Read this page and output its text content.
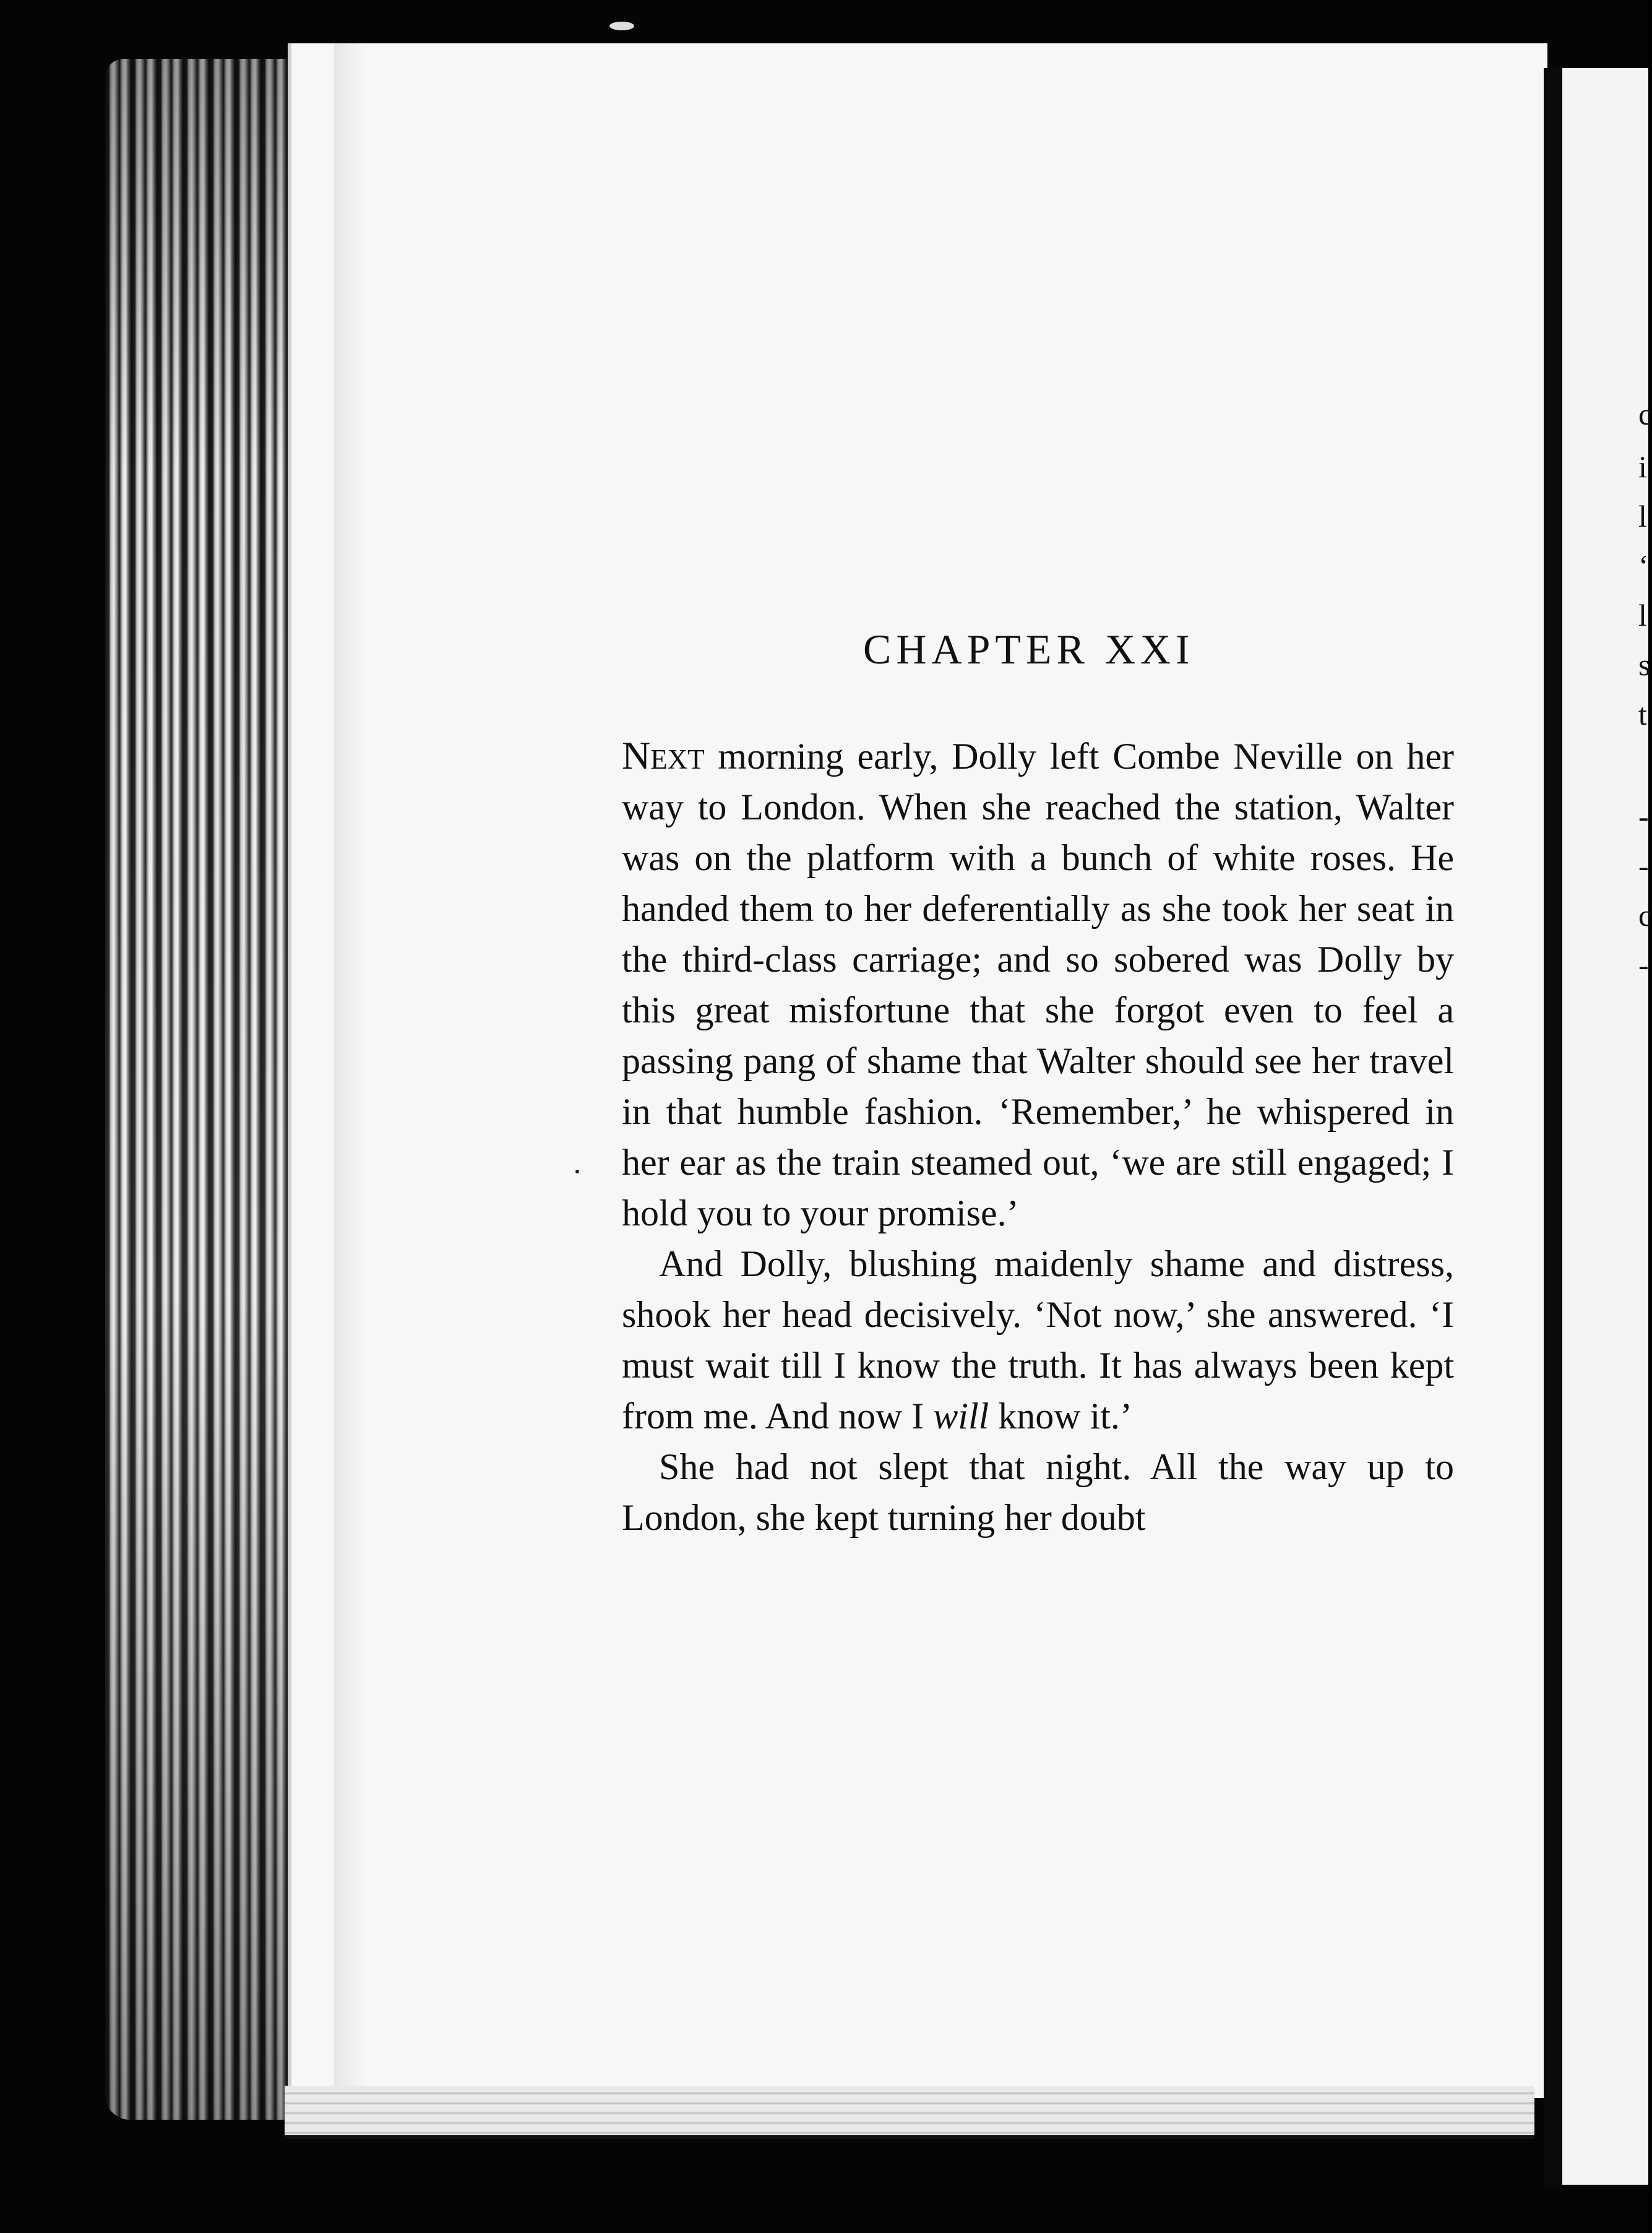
c
i
l
‘
l
s
t
-
-
c
-
CHAPTER XXI

Next morning early, Dolly left Combe Neville on her way to London. When she reached the station, Walter was on the platform with a bunch of white roses. He handed them to her deferentially as she took her seat in the third-class carriage; and so sobered was Dolly by this great misfortune that she forgot even to feel a passing pang of shame that Walter should see her travel in that humble fashion. ‘Remember,’ he whispered in her ear as the train steamed out, ‘we are still engaged; I hold you to your promise.’

And Dolly, blushing maidenly shame and distress, shook her head decisively. ‘Not now,’ she answered. ‘I must wait till I know the truth. It has always been kept from me. And now I will know it.’

She had not slept that night. All the way up to London, she kept turning her doubt
